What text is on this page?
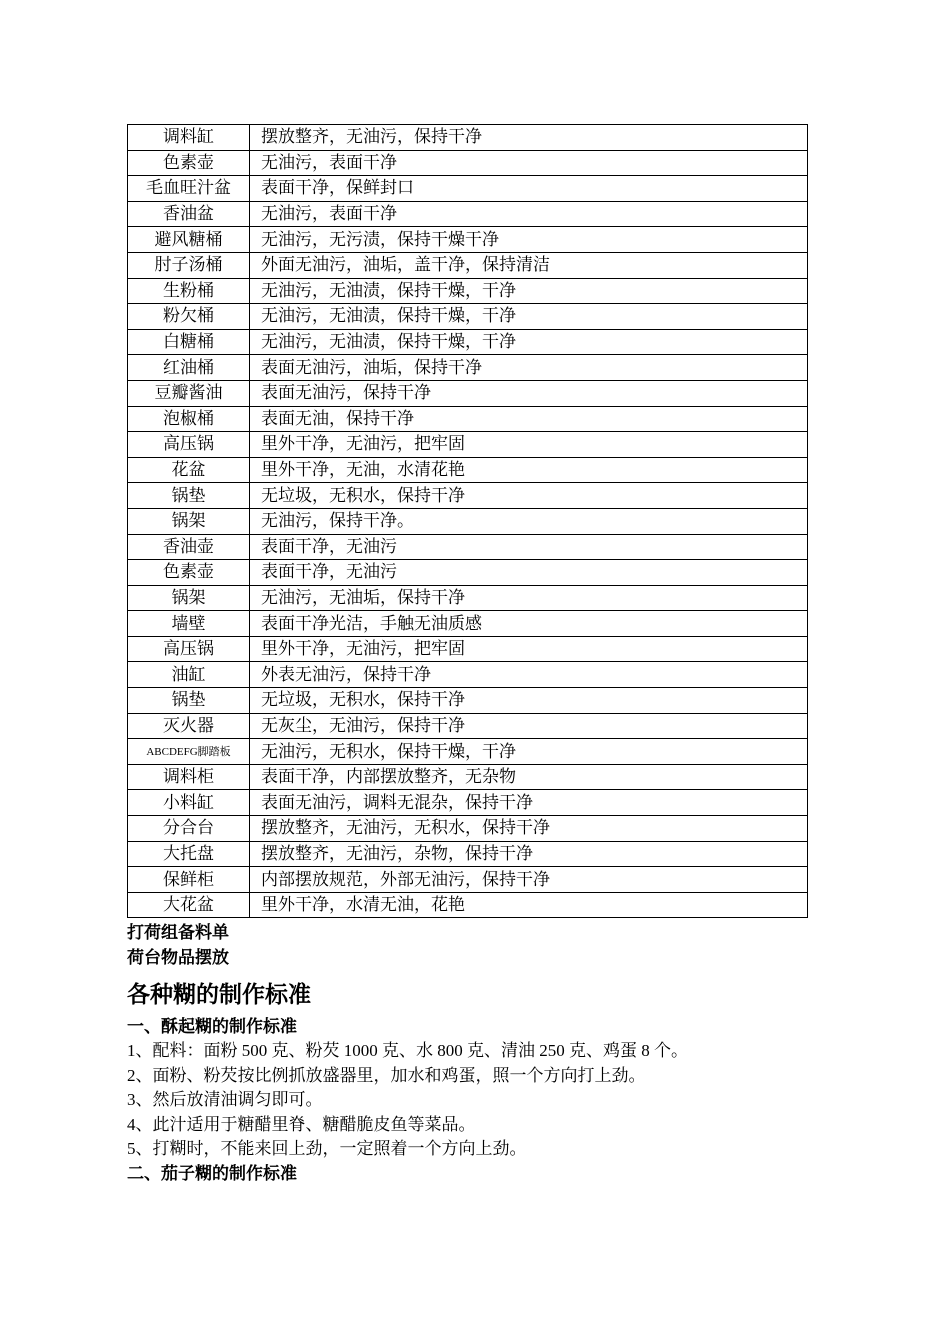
调料缸	摆放整齐，无油污，保持干净
色素壶	无油污，表面干净
毛血旺汁盆	表面干净，保鲜封口
香油盆	无油污，表面干净
避风糖桶	无油污，无污渍，保持干燥干净
肘子汤桶	外面无油污，油垢，盖干净，保持清洁
生粉桶	无油污，无油渍，保持干燥，干净
粉欠桶	无油污，无油渍，保持干燥，干净
白糖桶	无油污，无油渍，保持干燥，干净
红油桶	表面无油污，油垢，保持干净
豆瓣酱油	表面无油污，保持干净
泡椒桶	表面无油，保持干净
高压锅	里外干净，无油污，把牢固
花盆	里外干净，无油，水清花艳
锅垫	无垃圾，无积水，保持干净
锅架	无油污，保持干净。
香油壶	表面干净，无油污
色素壶	表面干净，无油污
锅架	无油污，无油垢，保持干净
墙壁	表面干净光洁，手触无油质感
高压锅	里外干净，无油污，把牢固
油缸	外表无油污，保持干净
锅垫	无垃圾，无积水，保持干净
灭火器	无灰尘，无油污，保持干净
ABCDEFG脚踏板	无油污，无积水，保持干燥，干净
调料柜	表面干净，内部摆放整齐，无杂物
小料缸	表面无油污，调料无混杂，保持干净
分合台	摆放整齐，无油污，无积水，保持干净
大托盘	摆放整齐，无油污，杂物，保持干净
保鲜柜	内部摆放规范，外部无油污，保持干净
大花盆	里外干净，水清无油，花艳

打荷组备料单

荷台物品摆放

各种糊的制作标准
一、酥起糊的制作标准

1、配料：面粉 500 克、粉芡 1000 克、水 800 克、清油 250 克、鸡蛋 8 个。

2、面粉、粉芡按比例抓放盛器里，加水和鸡蛋，照一个方向打上劲。

3、然后放清油调匀即可。

4、此汁适用于糖醋里脊、糖醋脆皮鱼等菜品。

5、打糊时，不能来回上劲，一定照着一个方向上劲。

二、茄子糊的制作标准
